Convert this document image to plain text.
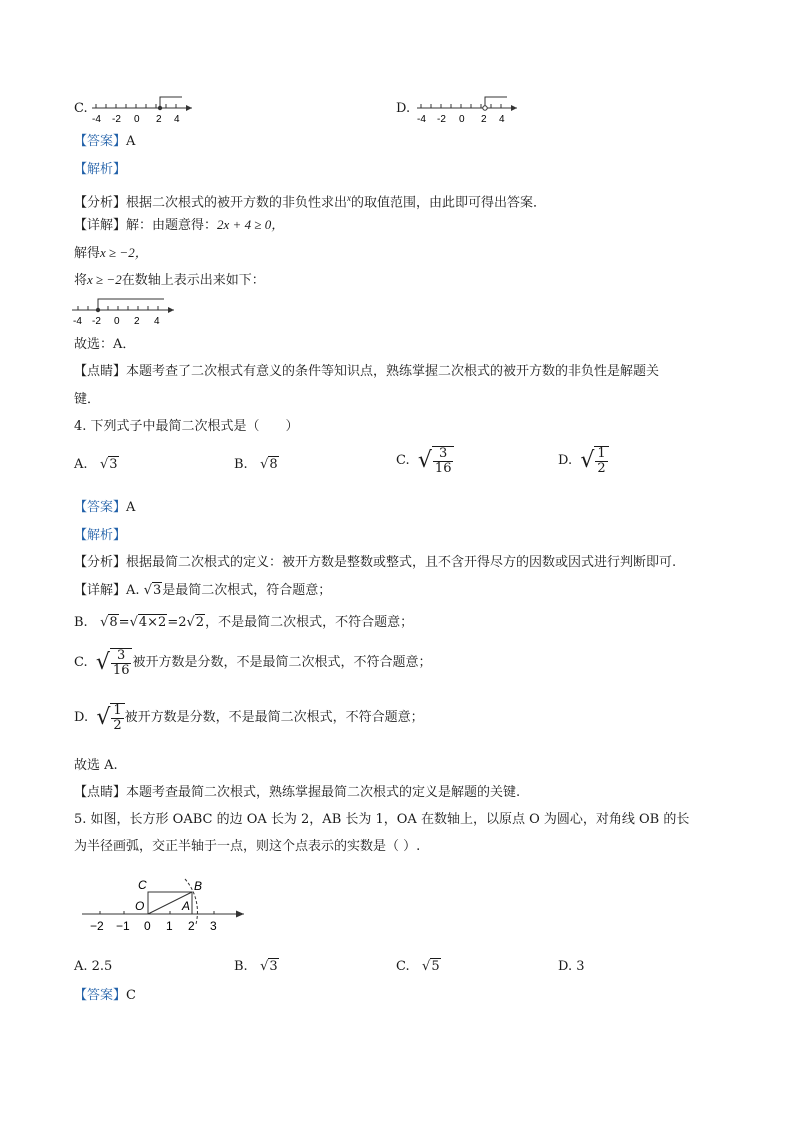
C.
-4 -2 0 2 4
D.
-4 -2 0 2 4
【答案】A
【解析】
【分析】根据二次根式的被开方数的非负性求出$^x$的取值范围，由此即可得出答案．
【详解】解：由题意得：2x + 4 ≥ 0，
解得x ≥ −2，
将x ≥ −2在数轴上表示出来如下：
-4 -2 0 2 4
故选：A．
【点睛】本题考查了二次根式有意义的条件等知识点，熟练掌握二次根式的被开方数的非负性是解题关
键．
4. 下列式子中最简二次根式是（　　）
A. √3	B. √8	C. √ $\frac{3}{16}$	D. √ $\frac{1}{2}$
【答案】A
【解析】
【分析】根据最简二次根式的定义：被开方数是整数或整式，且不含开得尽方的因数或因式进行判断即可.
【详解】A. √3是最简二次根式，符合题意；
B. √8=√4×2=2√2，不是最简二次根式，不符合题意；
C. √ $\frac{3}{16}$ 被开方数是分数，不是最简二次根式，不符合题意；
D. √ $\frac{1}{2}$ 被开方数是分数，不是最简二次根式，不符合题意；
故选 A.
【点睛】本题考查最简二次根式，熟练掌握最简二次根式的定义是解题的关键.
5. 如图，长方形 OABC 的边 OA 长为 2，AB 长为 1，OA 在数轴上，以原点 O 为圆心，对角线 OB 的长
为半径画弧，交正半轴于一点，则这个点表示的实数是（ ）.
C	B
O	A
−2 −1 0 1 2 3
A. 2.5	B. √3	C. √5	D. 3
【答案】C
